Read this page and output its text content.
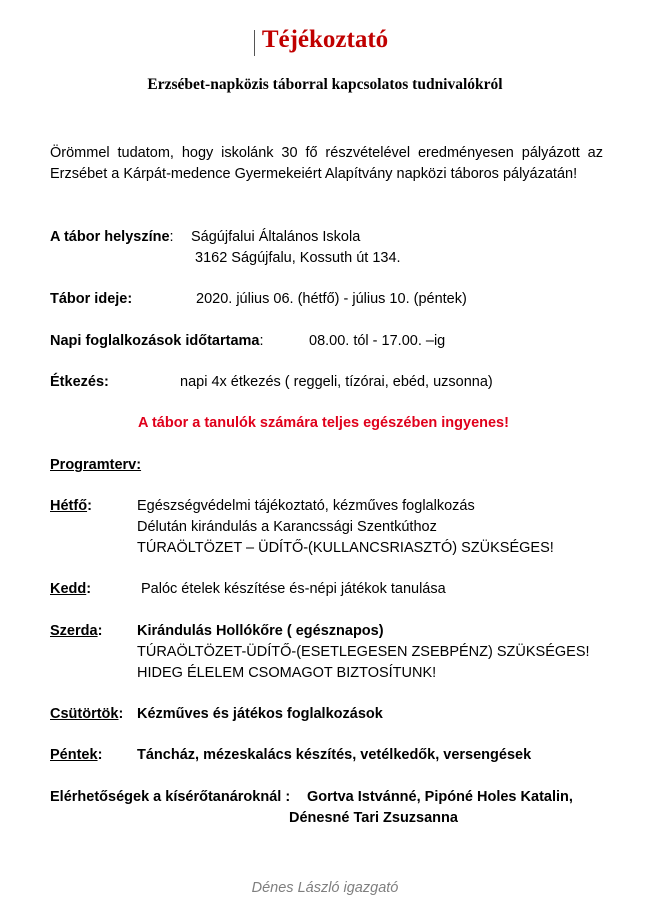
Téjékoztató
Erzsébet-napközis táborral kapcsolatos tudnivalókról
Örömmel tudatom, hogy iskolánk 30 fő részvételével eredményesen pályázott az Erzsébet a Kárpát-medence Gyermekeiért Alapítvány napközi táboros pályázatán!
A tábor helyszíne: Ságújfalui Általános Iskola
3162 Ságújfalu, Kossuth út 134.
Tábor ideje:	2020. július 06. (hétfő) - július 10. (péntek)
Napi foglalkozások időtartama:	08.00. tól - 17.00. –ig
Étkezés:	napi 4x étkezés ( reggeli, tízórai, ebéd, uzsonna)
A tábor a tanulók számára teljes egészében ingyenes!
Programterv:
Hétfő:	Egészségvédelmi tájékoztató, kézműves foglalkozás
Délután kirándulás a Karancssági Szentkúthoz
TÚRAÖLTÖZET – ÜDÍTŐ-(KULLANCSRIASZTÓ) SZÜKSÉGES!
Kedd:	Palóc ételek készítése és-népi játékok tanulása
Szerda: Kirándulás Hollókőre ( egésznapos)
TÚRAÖLTÖZET-ÜDÍTŐ-(ESETLEGESEN ZSEBPÉNZ) SZÜKSÉGES!
HIDEG ÉLELEM CSOMAGOT BIZTOSÍTUNK!
Csütörtök: Kézműves és játékos foglalkozások
Péntek: Táncház, mézeskalács készítés, vetélkedők, versengések
Elérhetőségek a kísérőtanároknál : Gortva Istvánné, Pipóné Holes Katalin,
Dénesné Tari Zsuzsanna
Dénes László igazgató
